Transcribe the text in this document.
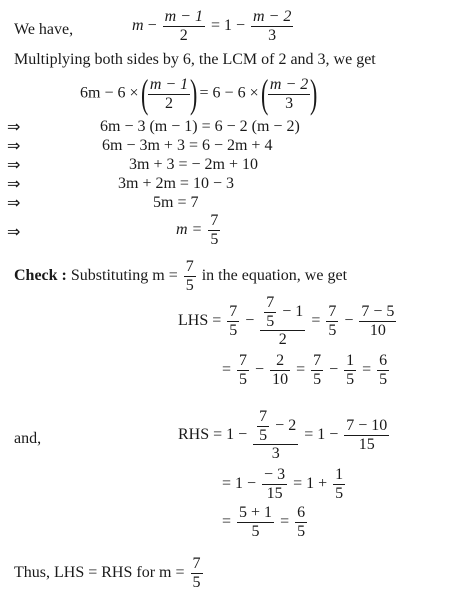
We have,	$m - \frac{m - 1}{2} = 1 - \frac{m - 2}{3}$
Multiplying both sides by 6, the LCM of 2 and 3, we get
6m − 6 × ( $\frac{m - 1}{2}$ ) = 6 − 6 × ( $\frac{m - 2}{3}$ )
⇒
⇒
⇒
⇒
⇒
⇒
6m − 3 (m − 1) = 6 − 2 (m − 2)
6m − 3m + 3 = 6 − 2m + 4
3m + 3 = − 2m + 10
3m + 2m = 10 − 3
5m = 7
$m = \frac{7}{5}$
Check : Substituting $m = \frac{7}{5}$ in the equation, we get
LHS = $\frac{7}{5} - \frac{\frac{7}{5} - 1}{2} = \frac{7}{5} - \frac{7 - 5}{10}$
= $\frac{7}{5} - \frac{2}{10} = \frac{7}{5} - \frac{1}{5} = \frac{6}{5}$
and,	RHS = $1 - \frac{\frac{7}{5} - 2}{3} = 1 - \frac{7 - 10}{15}$
= $1 - \frac{- 3}{15} = 1 + \frac{1}{5}$
= $\frac{5 + 1}{5} = \frac{6}{5}$
Thus, LHS = RHS for $m = \frac{7}{5}$
